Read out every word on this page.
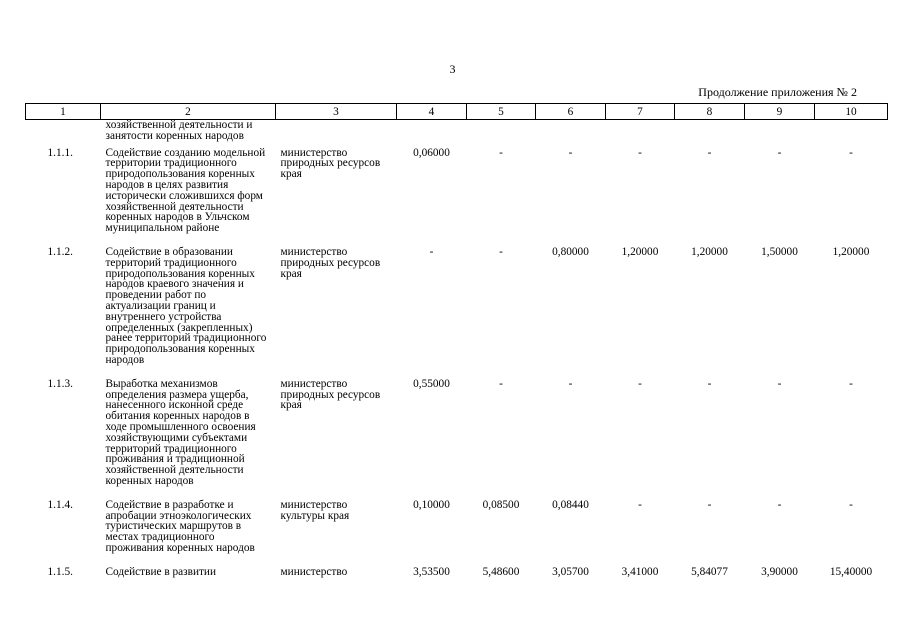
3
Продолжение приложения № 2
1	2	3	4	5	6	7	8	9	10
	хозяйственной деятельности и занятости коренных народов								
1.1.1.	Содействие созданию модельной территории традиционного природопользования коренных народов в целях развития исторически сложившихся форм хозяйственной деятельности коренных народов в Ульчском муниципальном районе	министерство природных ресурсов края	0,06000	-	-	-	-	-	-
1.1.2.	Содействие в образовании территорий традиционного природопользования коренных народов краевого значения и проведении работ по актуализации границ и внутреннего устройства определенных (закрепленных) ранее территорий традиционного природопользования коренных народов	министерство природных ресурсов края	-	-	0,80000	1,20000	1,20000	1,50000	1,20000
1.1.3.	Выработка механизмов определения размера ущерба, нанесенного исконной среде обитания коренных народов в ходе промышленного освоения хозяйствующими субъектами территорий традиционного проживания и традиционной хозяйственной деятельности коренных народов	министерство природных ресурсов края	0,55000	-	-	-	-	-	-
1.1.4.	Содействие в разработке и апробации этноэкологических туристических маршрутов в местах традиционного проживания коренных народов	министерство культуры края	0,10000	0,08500	0,08440	-	-	-	-
1.1.5.	Содействие в развитии	министерство	3,53500	5,48600	3,05700	3,41000	5,84077	3,90000	15,40000
